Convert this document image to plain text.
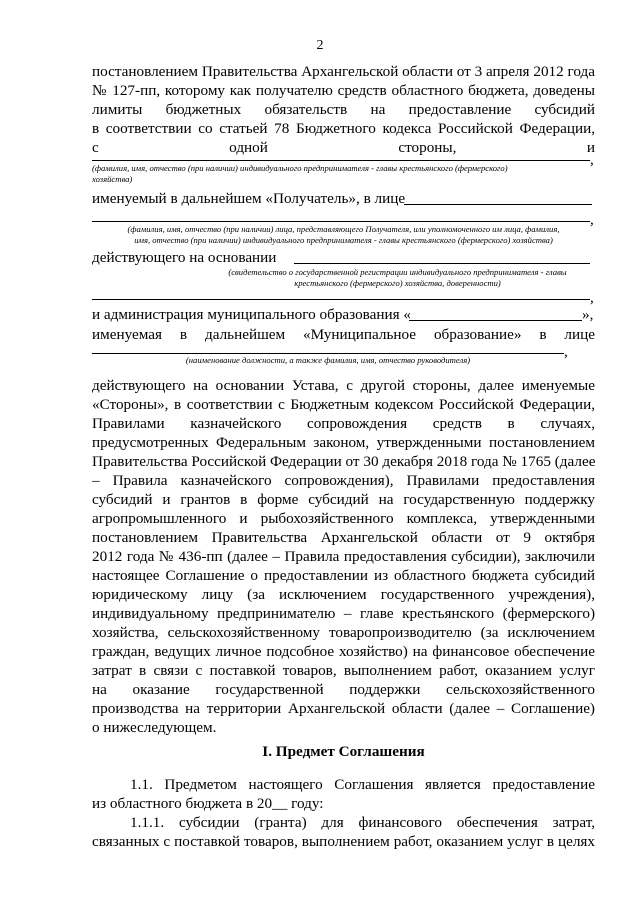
2
постановлением Правительства Архангельской области от 3 апреля 2012 года
№ 127-пп, которому как получателю средств областного бюджета, доведены
лимиты бюджетных обязательств на предоставление субсидий
в соответствии со статьей 78 Бюджетного кодекса Российской Федерации,
с одной стороны, и
,
(фамилия, имя, отчество (при наличии) индивидуального предпринимателя - главы крестьянского (фермерского)
хозяйства)
именуемый в дальнейшем «Получатель», в лице
,
(фамилия, имя, отчество (при наличии) лица, представляющего Получателя, или уполномоченного им лица, фамилия,
имя, отчество (при наличии) индивидуального предпринимателя - главы крестьянского (фермерского) хозяйства)
действующего на основании
(свидетельство о государственной регистрации индивидуального предпринимателя - главы
крестьянского (фермерского) хозяйства, доверенности)
,
и администрация муниципального образования «	»,
именуемая в дальнейшем «Муниципальное образование» в лице
,
(наименование должности, а также фамилия, имя, отчество руководителя)
действующего на основании Устава, с другой стороны, далее именуемые
«Стороны», в соответствии с Бюджетным кодексом Российской Федерации,
Правилами казначейского сопровождения средств в случаях,
предусмотренных Федеральным законом, утвержденными постановлением
Правительства Российской Федерации от 30 декабря 2018 года № 1765 (далее
– Правила казначейского сопровождения), Правилами предоставления
субсидий и грантов в форме субсидий на государственную поддержку
агропромышленного и рыбохозяйственного комплекса, утвержденными
постановлением Правительства Архангельской области от 9 октября
2012 года № 436-пп (далее – Правила предоставления субсидии), заключили
настоящее Соглашение о предоставлении из областного бюджета субсидий
юридическому лицу (за исключением государственного учреждения),
индивидуальному предпринимателю – главе крестьянского (фермерского)
хозяйства, сельскохозяйственному товаропроизводителю (за исключением
граждан, ведущих личное подсобное хозяйство) на финансовое обеспечение
затрат в связи с поставкой товаров, выполнением работ, оказанием услуг
на оказание государственной поддержки сельскохозяйственного
производства на территории Архангельской области (далее – Соглашение)
I. Предмет Соглашения
1.1. Предметом настоящего Соглашения является предоставление
из областного бюджета в 20__ году:
1.1.1. субсидии (гранта) для финансового обеспечения затрат,
связанных с поставкой товаров, выполнением работ, оказанием услуг в целях
о нижеследующем.
